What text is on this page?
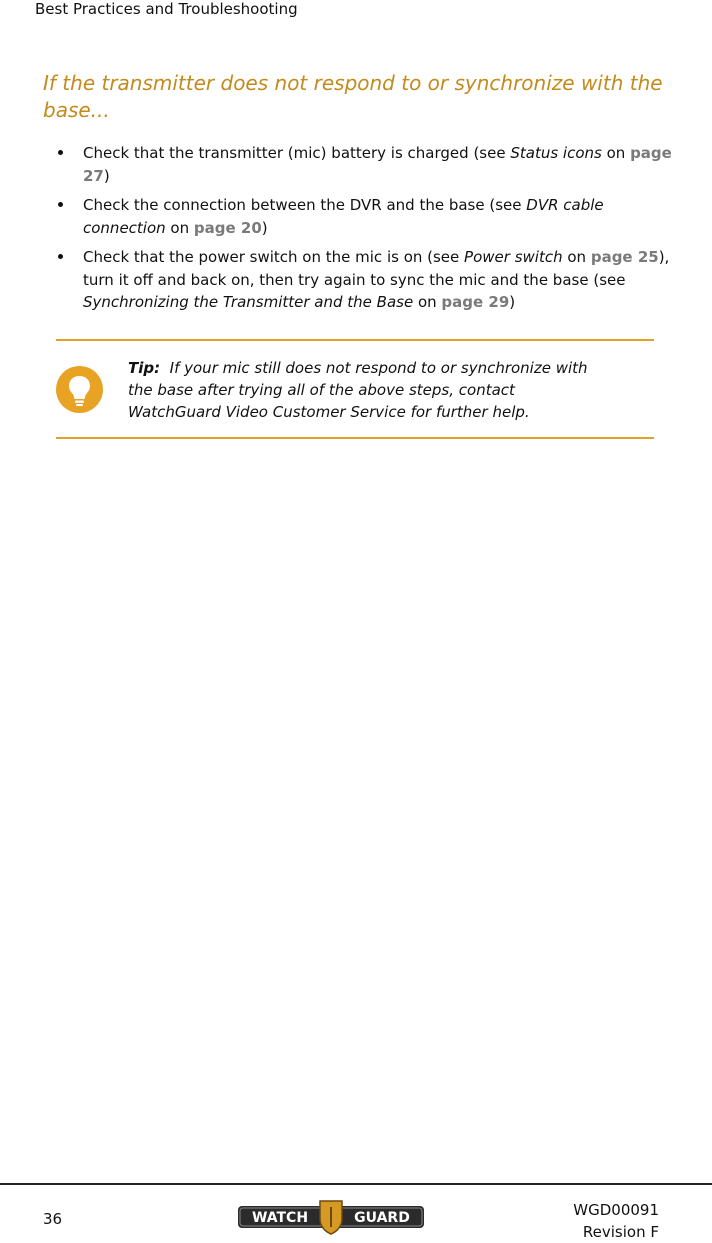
Best Practices and Troubleshooting
If the transmitter does not respond to or synchronize with the base...
Check that the transmitter (mic) battery is charged (see Status icons on page 27)
Check the connection between the DVR and the base (see DVR cable connection on page 20)
Check that the power switch on the mic is on (see Power switch on page 25), turn it off and back on, then try again to sync the mic and the base (see Synchronizing the Transmitter and the Base on page 29)
Tip: If your mic still does not respond to or synchronize with the base after trying all of the above steps, contact WatchGuard Video Customer Service for further help.
36	WATCH	GUARD	WGD00091
Revision F
